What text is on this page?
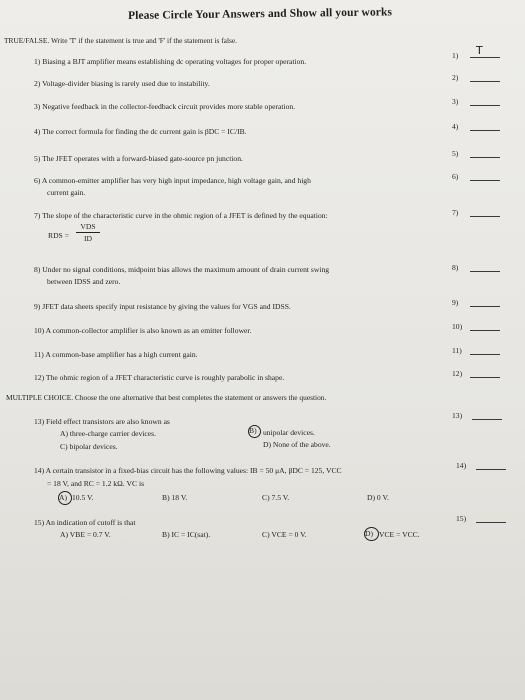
Please Circle Your Answers and Show all your works
TRUE/FALSE. Write 'T' if the statement is true and 'F' if the statement is false.
1) Biasing a BJT amplifier means establishing dc operating voltages for proper operation.
1) T
2) Voltage-divider biasing is rarely used due to instability.
2)
3) Negative feedback in the collector-feedback circuit provides more stable operation.
3)
4) The correct formula for finding the dc current gain is βDC = IC/IB.
4)
5) The JFET operates with a forward-biased gate-source pn junction.
5)
6) A common-emitter amplifier has very high input impedance, high voltage gain, and high
current gain.
6)
7) The slope of the characteristic curve in the ohmic region of a JFET is defined by the equation:	7)
RDS =
VDS
ID
8) Under no signal conditions, midpoint bias allows the maximum amount of drain current swing
between IDSS and zero.
8)
9) JFET data sheets specify input resistance by giving the values for VGS and IDSS.	9)
10) A common-collector amplifier is also known as an emitter follower.	10)
11) A common-base amplifier has a high current gain.	11)
12) The ohmic region of a JFET characteristic curve is roughly parabolic in shape.	12)
MULTIPLE CHOICE. Choose the one alternative that best completes the statement or answers the question.
13) Field effect transistors are also known as
13)
A) three-charge carrier devices.
C) bipolar devices.
B) unipolar devices.
D) None of the above.
14) A certain transistor in a fixed-bias circuit has the following values: IB = 50 μA, βDC = 125, VCC
= 18 V, and RC = 1.2 kΩ. VC is
14)
A) 10.5 V.	B) 18 V.	C) 7.5 V.	D) 0 V.
15) An indication of cutoff is that	15)
A) VBE = 0.7 V.	B) IC = IC(sat).	C) VCE = 0 V.	D) VCE = VCC.
